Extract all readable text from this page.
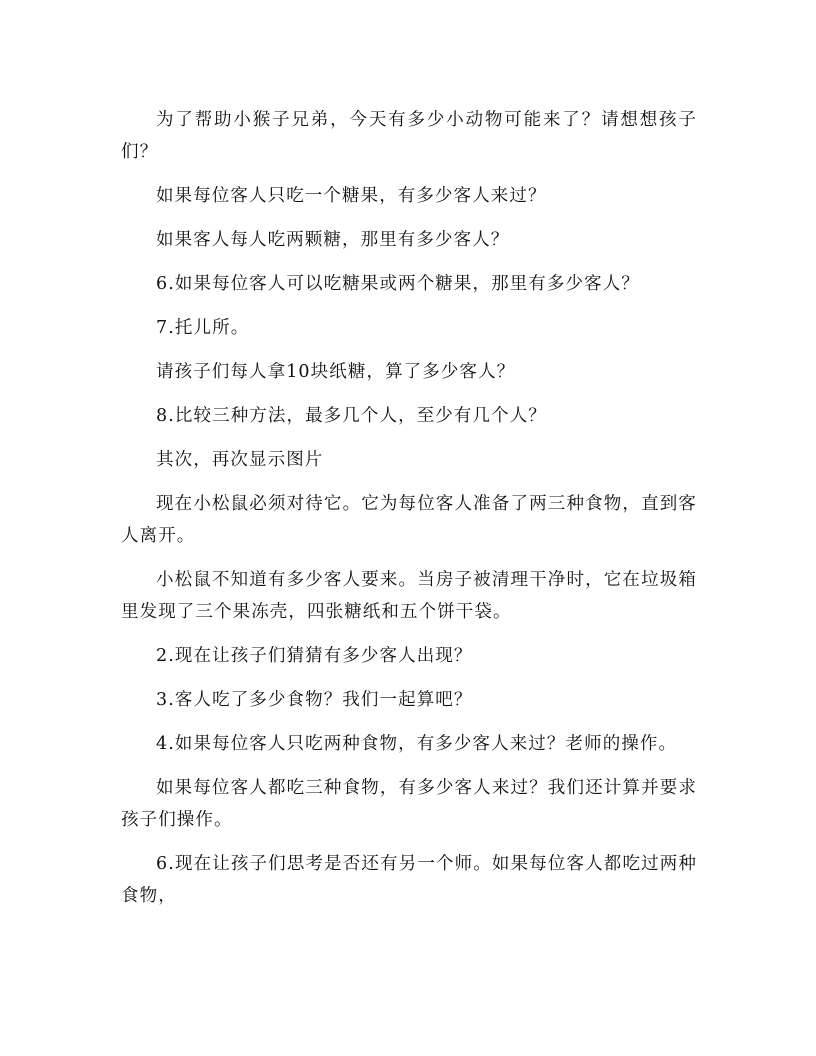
为了帮助小猴子兄弟，今天有多少小动物可能来了？请想想孩子们？

如果每位客人只吃一个糖果，有多少客人来过？

如果客人每人吃两颗糖，那里有多少客人？

6.如果每位客人可以吃糖果或两个糖果，那里有多少客人？

7.托儿所。

请孩子们每人拿10块纸糖，算了多少客人？

8.比较三种方法，最多几个人，至少有几个人？

其次，再次显示图片

现在小松鼠必须对待它。它为每位客人准备了两三种食物，直到客人离开。

小松鼠不知道有多少客人要来。当房子被清理干净时，它在垃圾箱里发现了三个果冻壳，四张糖纸和五个饼干袋。

2.现在让孩子们猜猜有多少客人出现？

3.客人吃了多少食物？我们一起算吧？

4.如果每位客人只吃两种食物，有多少客人来过？老师的操作。

如果每位客人都吃三种食物，有多少客人来过？我们还计算并要求孩子们操作。

6.现在让孩子们思考是否还有另一个师。如果每位客人都吃过两种食物，
